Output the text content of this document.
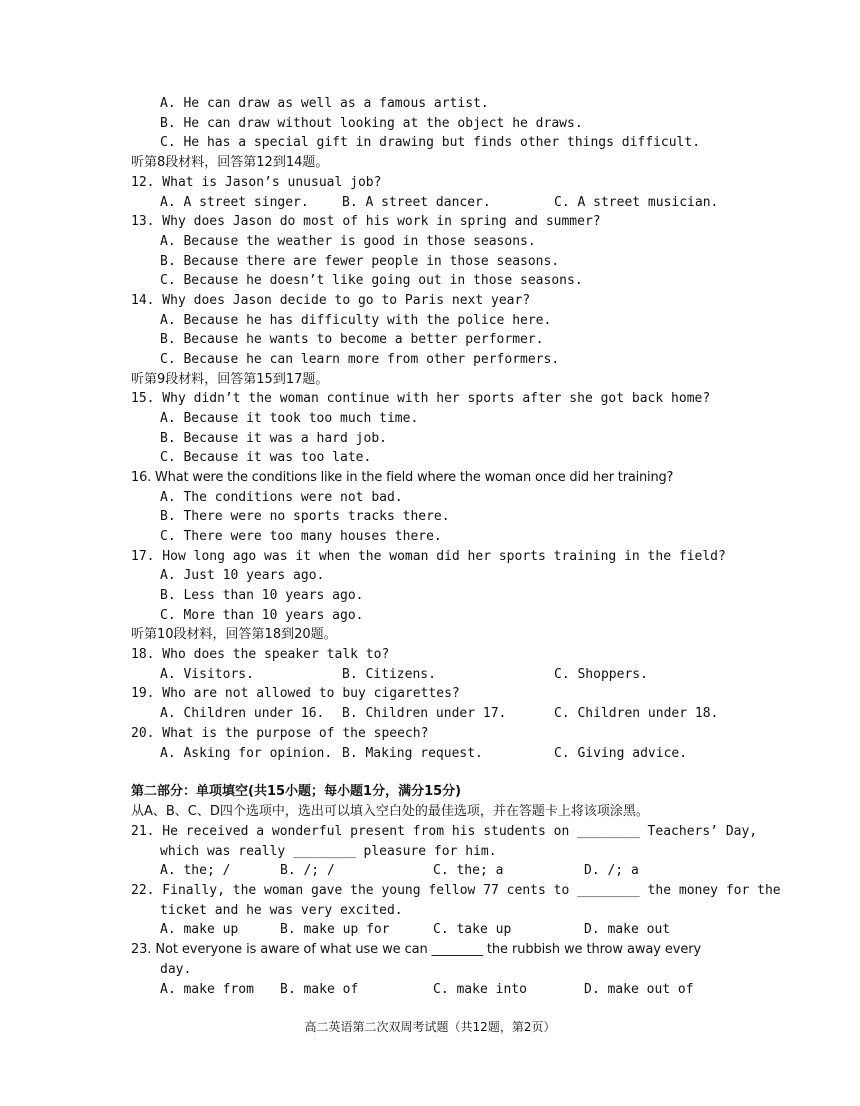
A. He can draw as well as a famous artist.
B. He can draw without looking at the object he draws.
C. He has a special gift in drawing but finds other things difficult.
听第8段材料，回答第12到14题。
12. What is Jason’s unusual job?
A. A street singer.	B. A street dancer.	C. A street musician.
13. Why does Jason do most of his work in spring and summer?
A. Because the weather is good in those seasons.
B. Because there are fewer people in those seasons.
C. Because he doesn’t like going out in those seasons.
14. Why does Jason decide to go to Paris next year?
A. Because he has difficulty with the police here.
B. Because he wants to become a better performer.
C. Because he can learn more from other performers.
听第9段材料，回答第15到17题。
15. Why didn’t the woman continue with her sports after she got back home?
A. Because it took too much time.
B. Because it was a hard job.
C. Because it was too late.
16. What were the conditions like in the field where the woman once did her training?
A. The conditions were not bad.
B. There were no sports tracks there.
C. There were too many houses there.
17. How long ago was it when the woman did her sports training in the field?
A. Just 10 years ago.
B. Less than 10 years ago.
C. More than 10 years ago.
听第10段材料，回答第18到20题。
18. Who does the speaker talk to?
A. Visitors.	B. Citizens.	C. Shoppers.
19. Who are not allowed to buy cigarettes?
A. Children under 16. B. Children under 17.	C. Children under 18.
20. What is the purpose of the speech?
A. Asking for opinion. B. Making request.	C. Giving advice.
第二部分：单项填空(共15小题；每小题1分，满分15分)
从A、B、C、D四个选项中，选出可以填入空白处的最佳选项，并在答题卡上将该项涂黑。
21. He received a wonderful present from his students on ________ Teachers’ Day,
which was really ________ pleasure for him.
A. the; /	B. /; /	C. the; a	D. /; a
22. Finally, the woman gave the young fellow 77 cents to ________ the money for the
ticket and he was very excited.
A. make up	B. make up for	C. take up	D. make out
23. Not everyone is aware of what use we can ________ the rubbish we throw away every
day.
A. make from B. make of	C. make into	D. make out of
高二英语第二次双周考试题（共12题，第2页）
